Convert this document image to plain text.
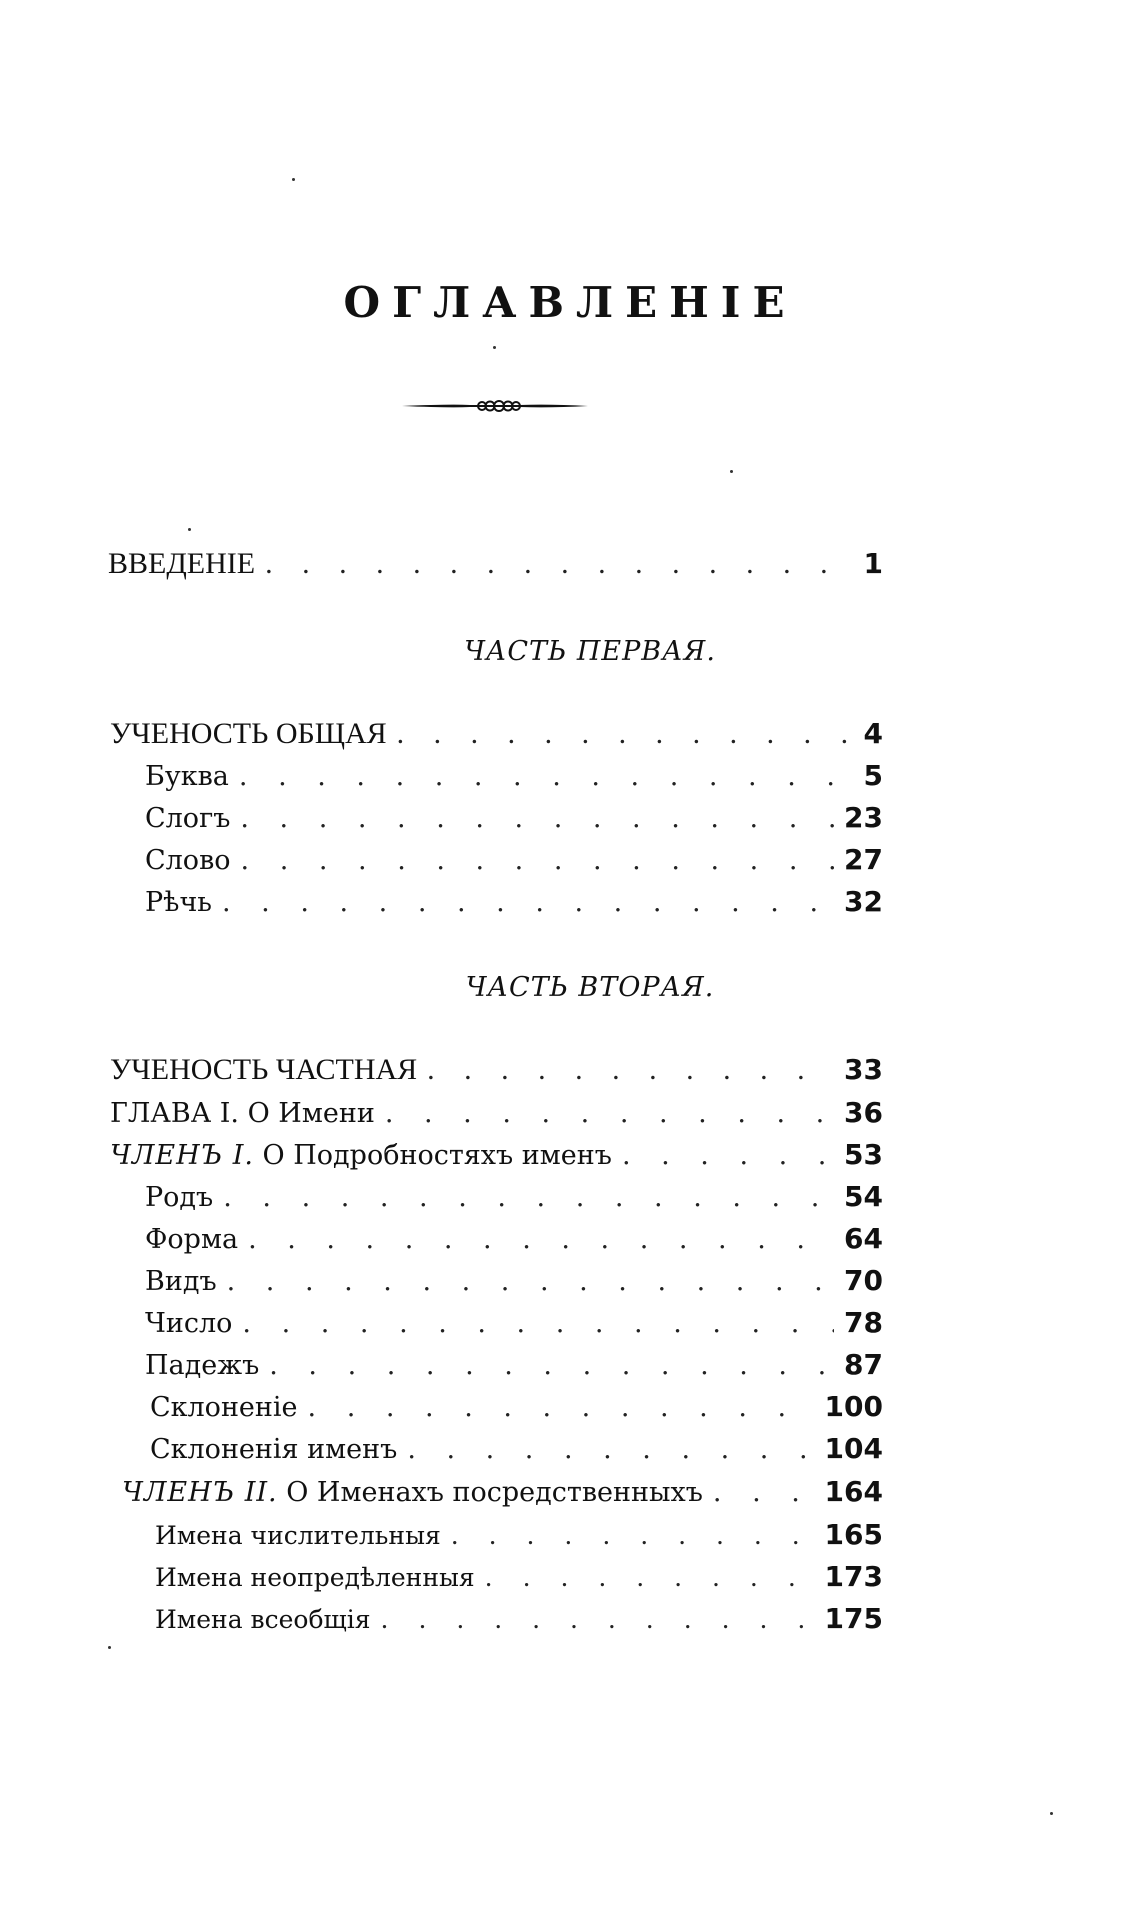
ОГЛАВЛЕНІЕ
ВВЕДЕНІЕ . . .	1
ЧАСТЬ ПЕРВАЯ.
УЧЕНОСТЬ ОБЩАЯ . . .	4
Буква . . .	5
Слогъ . . .	23
Слово . . .	27
Рѣчь . . .	32
ЧАСТЬ ВТОРАЯ.
УЧЕНОСТЬ ЧАСТНАЯ . . .	33
ГЛАВА I. О Имени . . .	36
ЧЛЕНЪ I. О Подробностяхъ именъ . . .	53
Родъ . . .	54
Форма . . .	64
Видъ . . .	70
Число . . .	78
Падежъ . . .	87
Склоненіе . . .	100
Склоненія именъ . . .	104
ЧЛЕНЪ II. О Именахъ посредственныхъ . . .	164
Имена числительныя . . .	165
Имена неопредѣленныя . . .	173
Имена всеобщія . . .	175
